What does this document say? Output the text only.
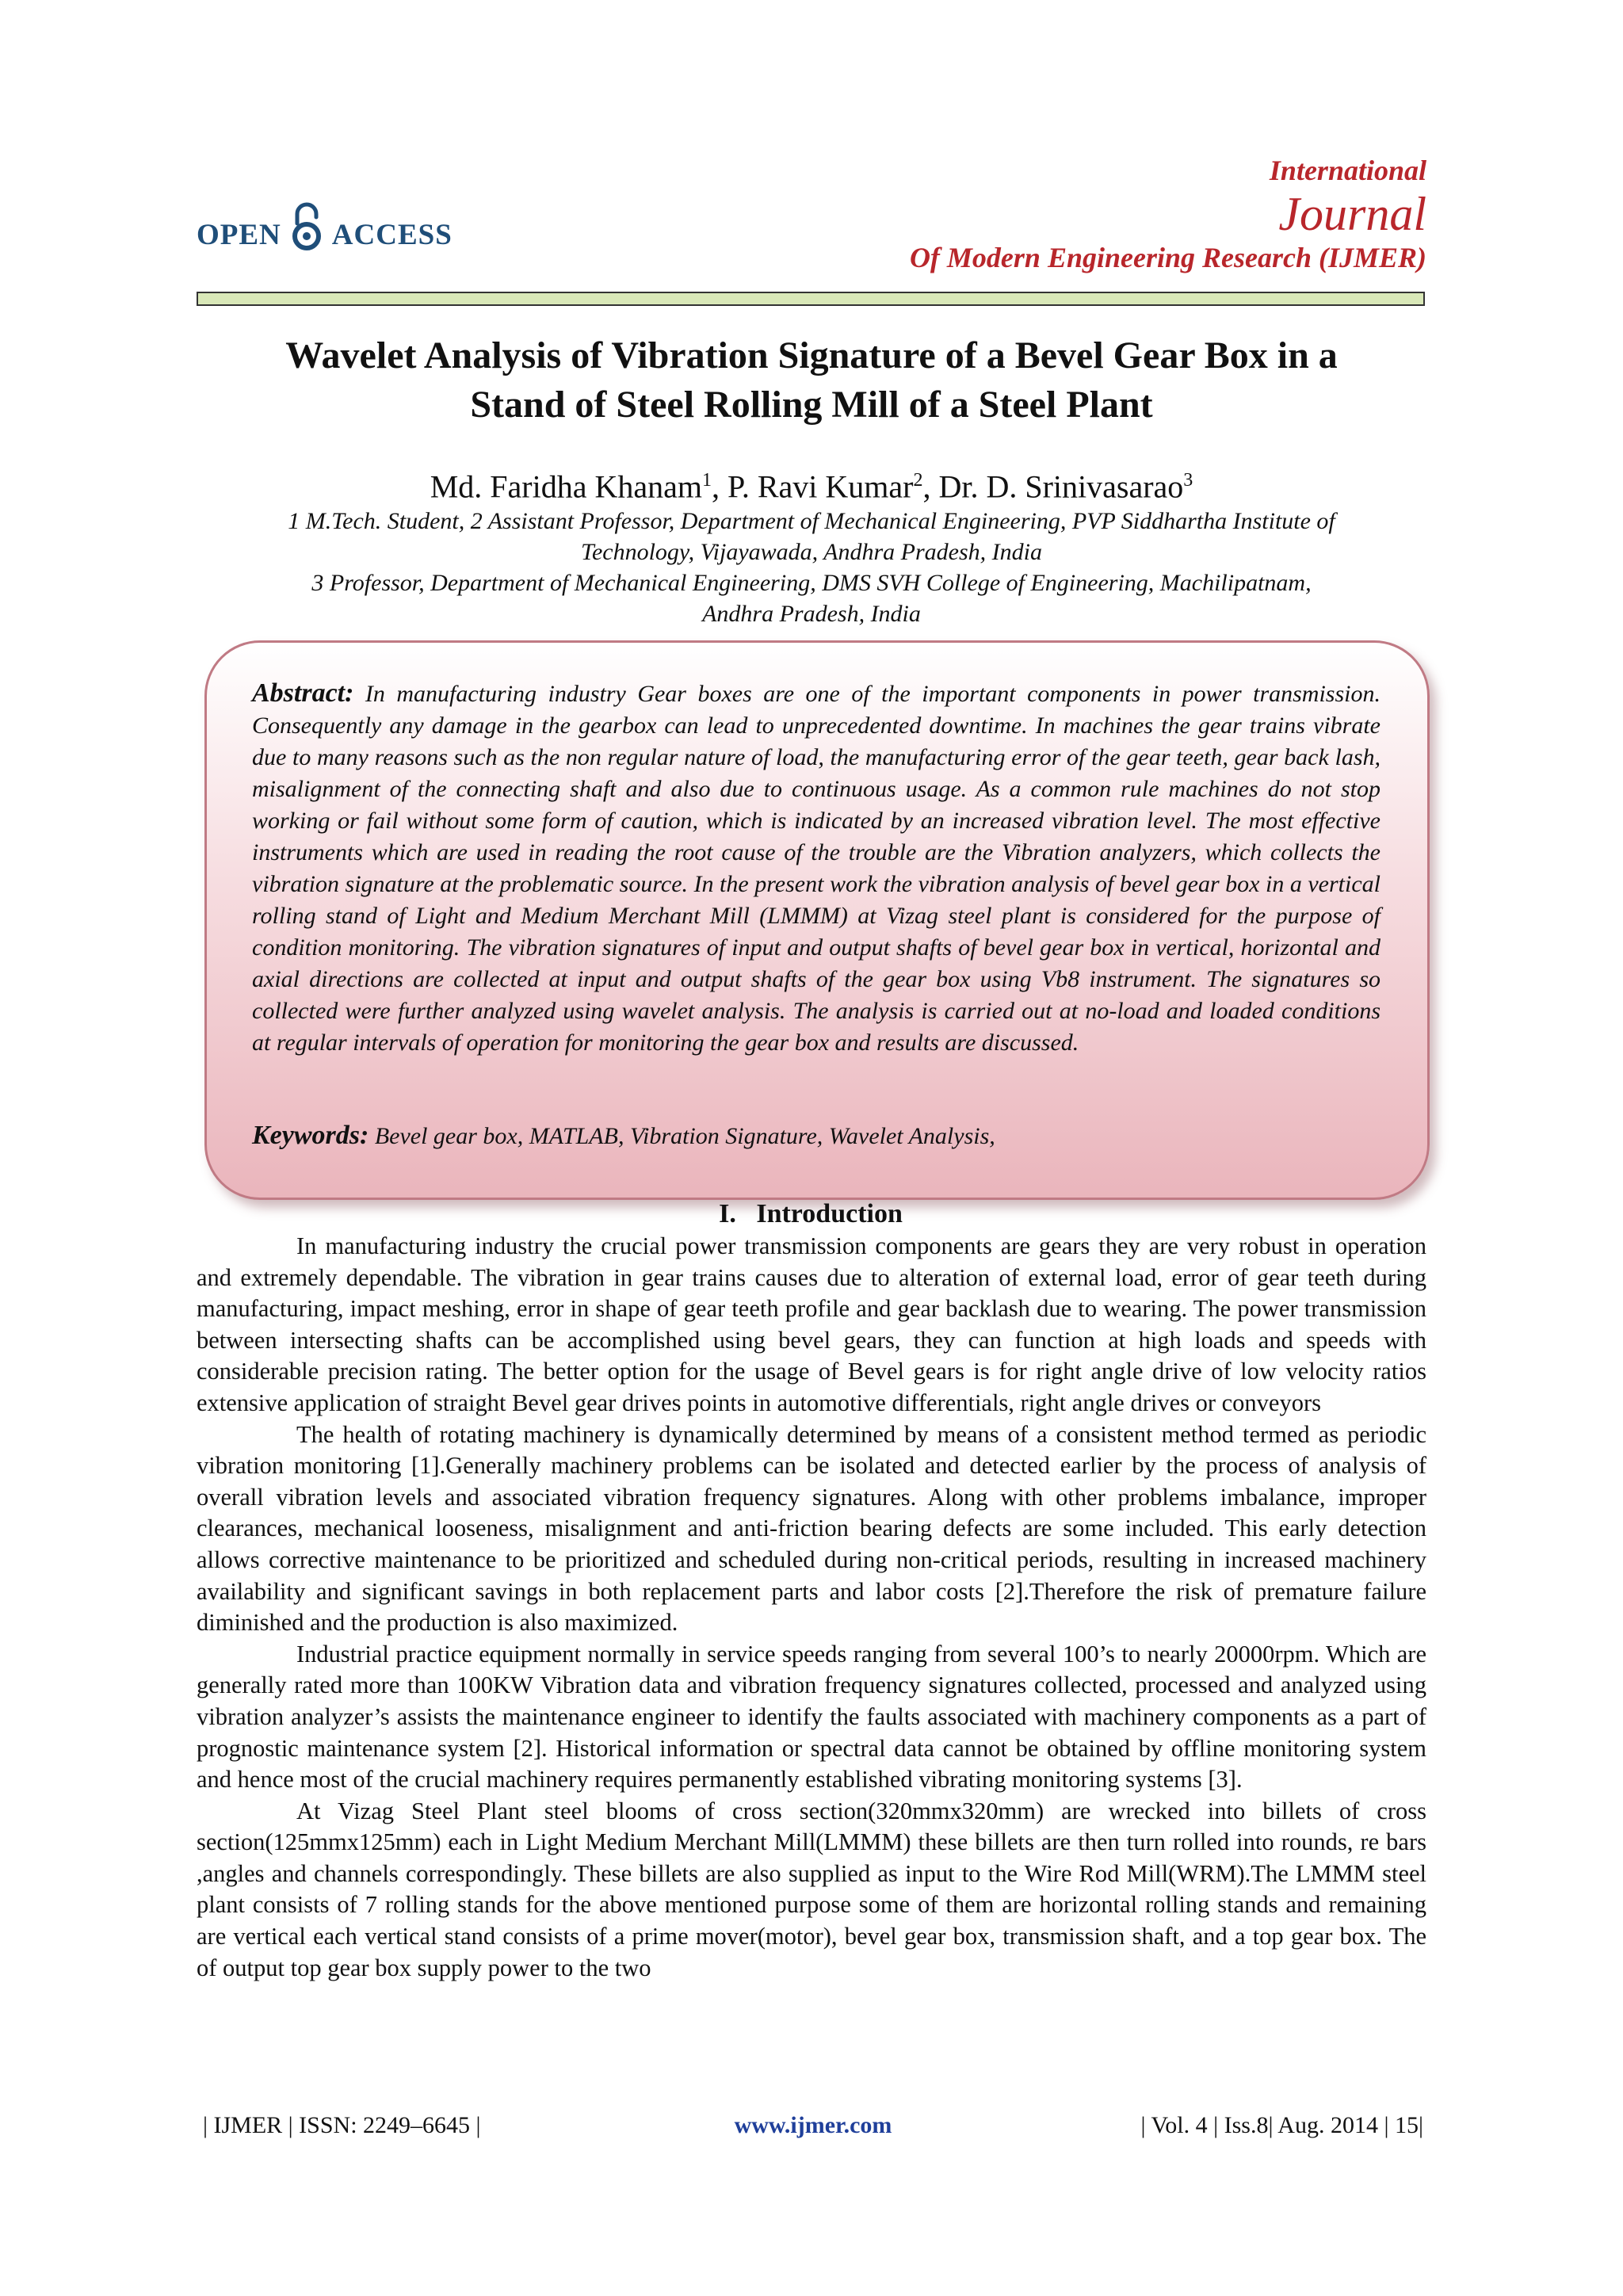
OPEN ACCESS
International
Journal
Of Modern Engineering Research (IJMER)
Wavelet Analysis of Vibration Signature of a Bevel Gear Box in a
Stand of Steel Rolling Mill of a Steel Plant
Md. Faridha Khanam$^1$, P. Ravi Kumar$^2$, Dr. D. Srinivasarao$^3$
1 M.Tech. Student, 2 Assistant Professor, Department of Mechanical Engineering, PVP Siddhartha Institute of
Technology, Vijayawada, Andhra Pradesh, India
3 Professor, Department of Mechanical Engineering, DMS SVH College of Engineering, Machilipatnam,
Andhra Pradesh, India
Abstract: In manufacturing industry Gear boxes are one of the important components in power transmission. Consequently any damage in the gearbox can lead to unprecedented downtime. In machines the gear trains vibrate due to many reasons such as the non regular nature of load, the manufacturing error of the gear teeth, gear back lash, misalignment of the connecting shaft and also due to continuous usage. As a common rule machines do not stop working or fail without some form of caution, which is indicated by an increased vibration level. The most effective instruments which are used in reading the root cause of the trouble are the Vibration analyzers, which collects the vibration signature at the problematic source. In the present work the vibration analysis of bevel gear box in a vertical rolling stand of Light and Medium Merchant Mill (LMMM) at Vizag steel plant is considered for the purpose of condition monitoring. The vibration signatures of input and output shafts of bevel gear box in vertical, horizontal and axial directions are collected at input and output shafts of the gear box using Vb8 instrument. The signatures so collected were further analyzed using wavelet analysis. The analysis is carried out at no-load and loaded conditions at regular intervals of operation for monitoring the gear box and results are discussed.
Keywords: Bevel gear box, MATLAB, Vibration Signature, Wavelet Analysis,
I.   Introduction

In manufacturing industry the crucial power transmission components are gears they are very robust in operation and extremely dependable. The vibration in gear trains causes due to alteration of external load, error of gear teeth during manufacturing, impact meshing, error in shape of gear teeth profile and gear backlash due to wearing. The power transmission between intersecting shafts can be accomplished using bevel gears, they can function at high loads and speeds with considerable precision rating. The better option for the usage of Bevel gears is for right angle drive of low velocity ratios extensive application of straight Bevel gear drives points in automotive differentials, right angle drives or conveyors

The health of rotating machinery is dynamically determined by means of a consistent method termed as periodic vibration monitoring [1].Generally machinery problems can be isolated and detected earlier by the process of analysis of overall vibration levels and associated vibration frequency signatures. Along with other problems imbalance, improper clearances, mechanical looseness, misalignment and anti-friction bearing defects are some included. This early detection allows corrective maintenance to be prioritized and scheduled during non-critical periods, resulting in increased machinery availability and significant savings in both replacement parts and labor costs [2].Therefore the risk of premature failure diminished and the production is also maximized.

Industrial practice equipment normally in service speeds ranging from several 100’s to nearly 20000rpm. Which are generally rated more than 100KW Vibration data and vibration frequency signatures collected, processed and analyzed using vibration analyzer’s assists the maintenance engineer to identify the faults associated with machinery components as a part of prognostic maintenance system [2]. Historical information or spectral data cannot be obtained by offline monitoring system and hence most of the crucial machinery requires permanently established vibrating monitoring systems [3].

At Vizag Steel Plant steel blooms of cross section(320mmx320mm) are wrecked into billets of cross section(125mmx125mm) each in Light Medium Merchant Mill(LMMM) these billets are then turn rolled into rounds, re bars ,angles and channels correspondingly. These billets are also supplied as input to the Wire Rod Mill(WRM).The LMMM steel plant consists of 7 rolling stands for the above mentioned purpose some of them are horizontal rolling stands and remaining are vertical each vertical stand consists of a prime mover(motor), bevel gear box, transmission shaft, and a top gear box. The of output top gear box supply power to the two

| IJMER | ISSN: 2249–6645 |	www.ijmer.com	| Vol. 4 | Iss.8| Aug. 2014 | 15|
